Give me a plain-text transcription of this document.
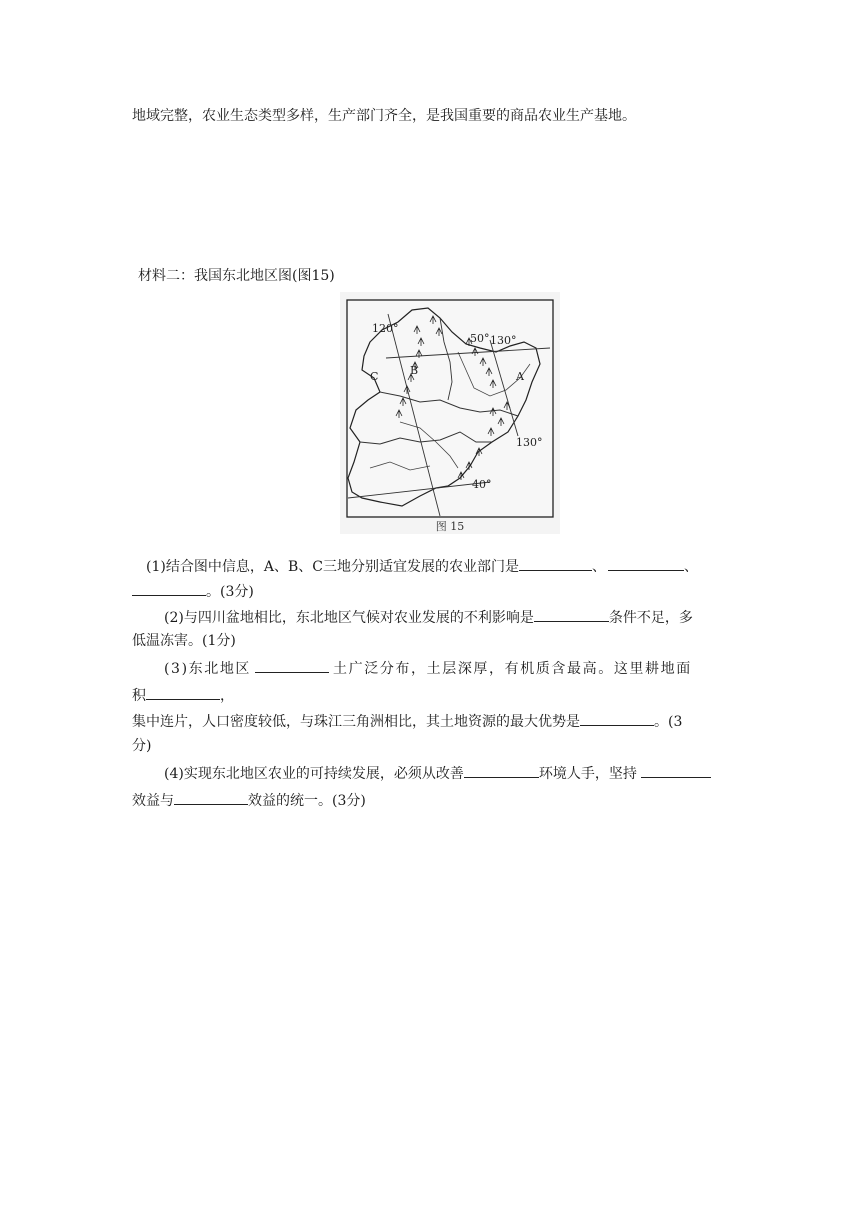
地域完整，农业生态类型多样，生产部门齐全，是我国重要的商品农业生产基地。
材料二：我国东北地区图(图15)
120°
50° 130°
130°
40°
A
B
C
图 15
(1)结合图中信息，A、B、C三地分别适宜发展的农业部门是	、	、
。(3分)
(2)与四川盆地相比，东北地区气候对农业发展的不利影响是	条件不足，多
低温冻害。(1分)
(3)东北地区	土广泛分布，土层深厚，有机质含最高。这里耕地面
积	，
集中连片，人口密度较低，与珠江三角洲相比，其土地资源的最大优势是	。(3
分)
(4)实现东北地区农业的可持续发展，必须从改善	环境人手，坚持
效益与	效益的统一。(3分)
